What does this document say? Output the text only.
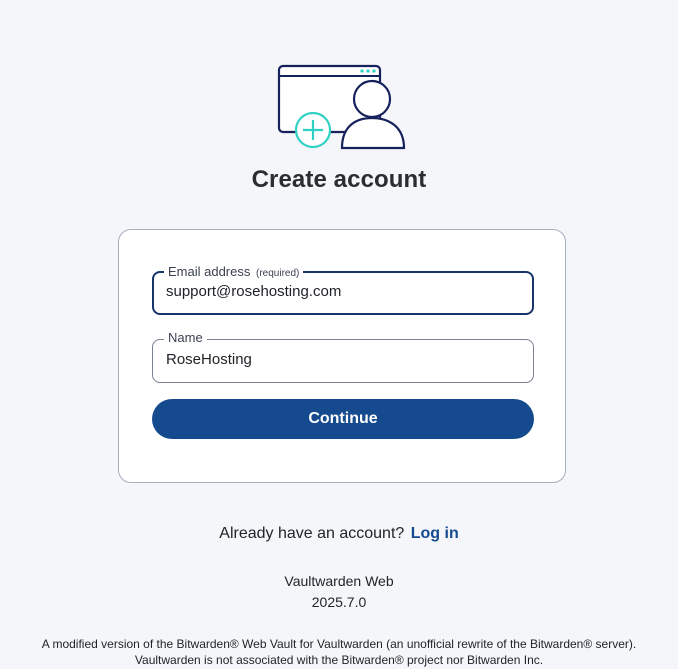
Create account
Email address (required)
support@rosehosting.com
Name
RoseHosting
Continue
Already have an account? Log in
Vaultwarden Web
2025.7.0
A modified version of the Bitwarden® Web Vault for Vaultwarden (an unofficial rewrite of the Bitwarden® server).
Vaultwarden is not associated with the Bitwarden® project nor Bitwarden Inc.
